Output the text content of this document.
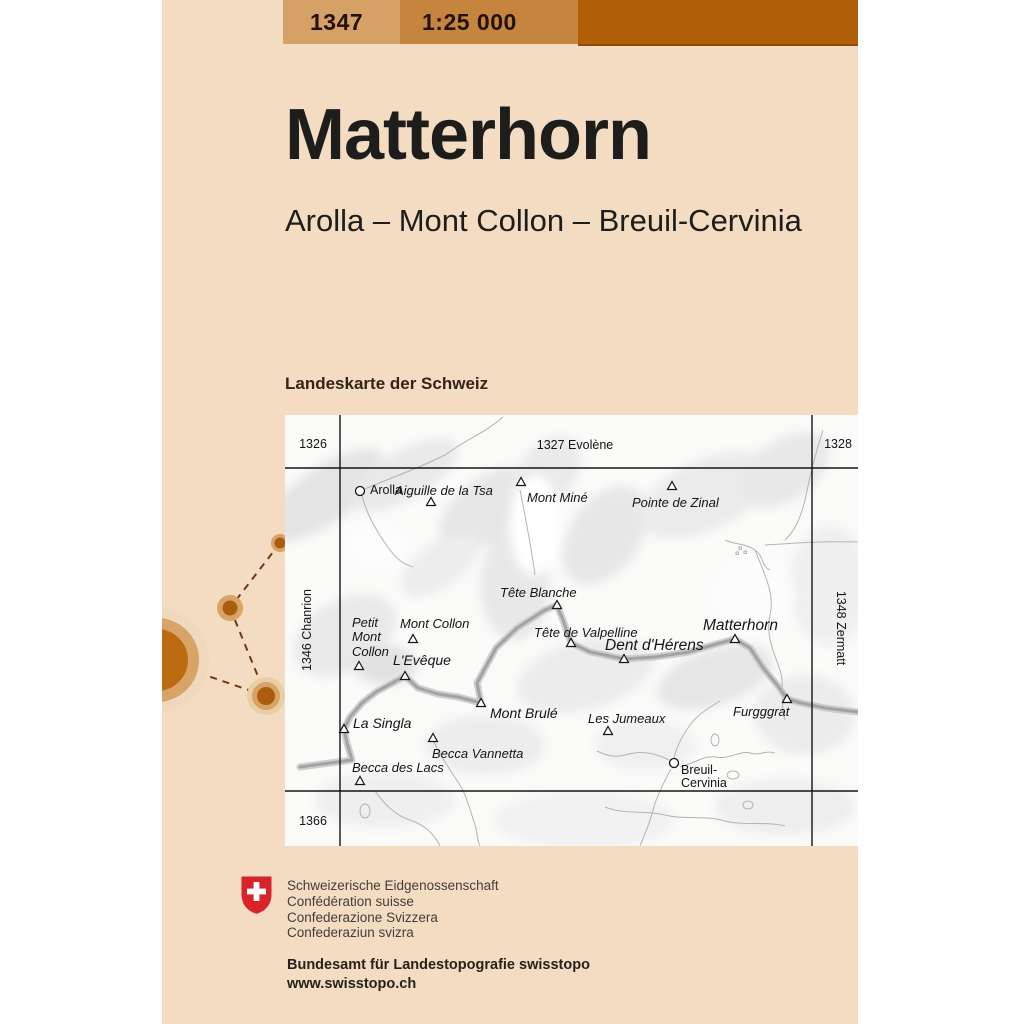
1347	1:25 000
Matterhorn
Arolla – Mont Collon – Breuil-Cervinia
Landeskarte der Schweiz
1326	1327 Evolène	1328
1346 Chanrion	1348 Zermatt
1366
Arolla
Aiguille de la Tsa	Mont Miné	Pointe de Zinal
Tête Blanche
Tête de Valpelline
Dent d'Hérens
Matterhorn
Mont Collon
Petit
Mont
Collon
L'Evêque
Mont Brulé Les Jumeaux	Furgggrat
La Singla
Becca Vannetta
Becca des Lacs	Breuil-
Cervinia
Schweizerische Eidgenossenschaft
Confédération suisse
Confederazione Svizzera
Confederaziun svizra
Bundesamt für Landestopografie swisstopo
www.swisstopo.ch
